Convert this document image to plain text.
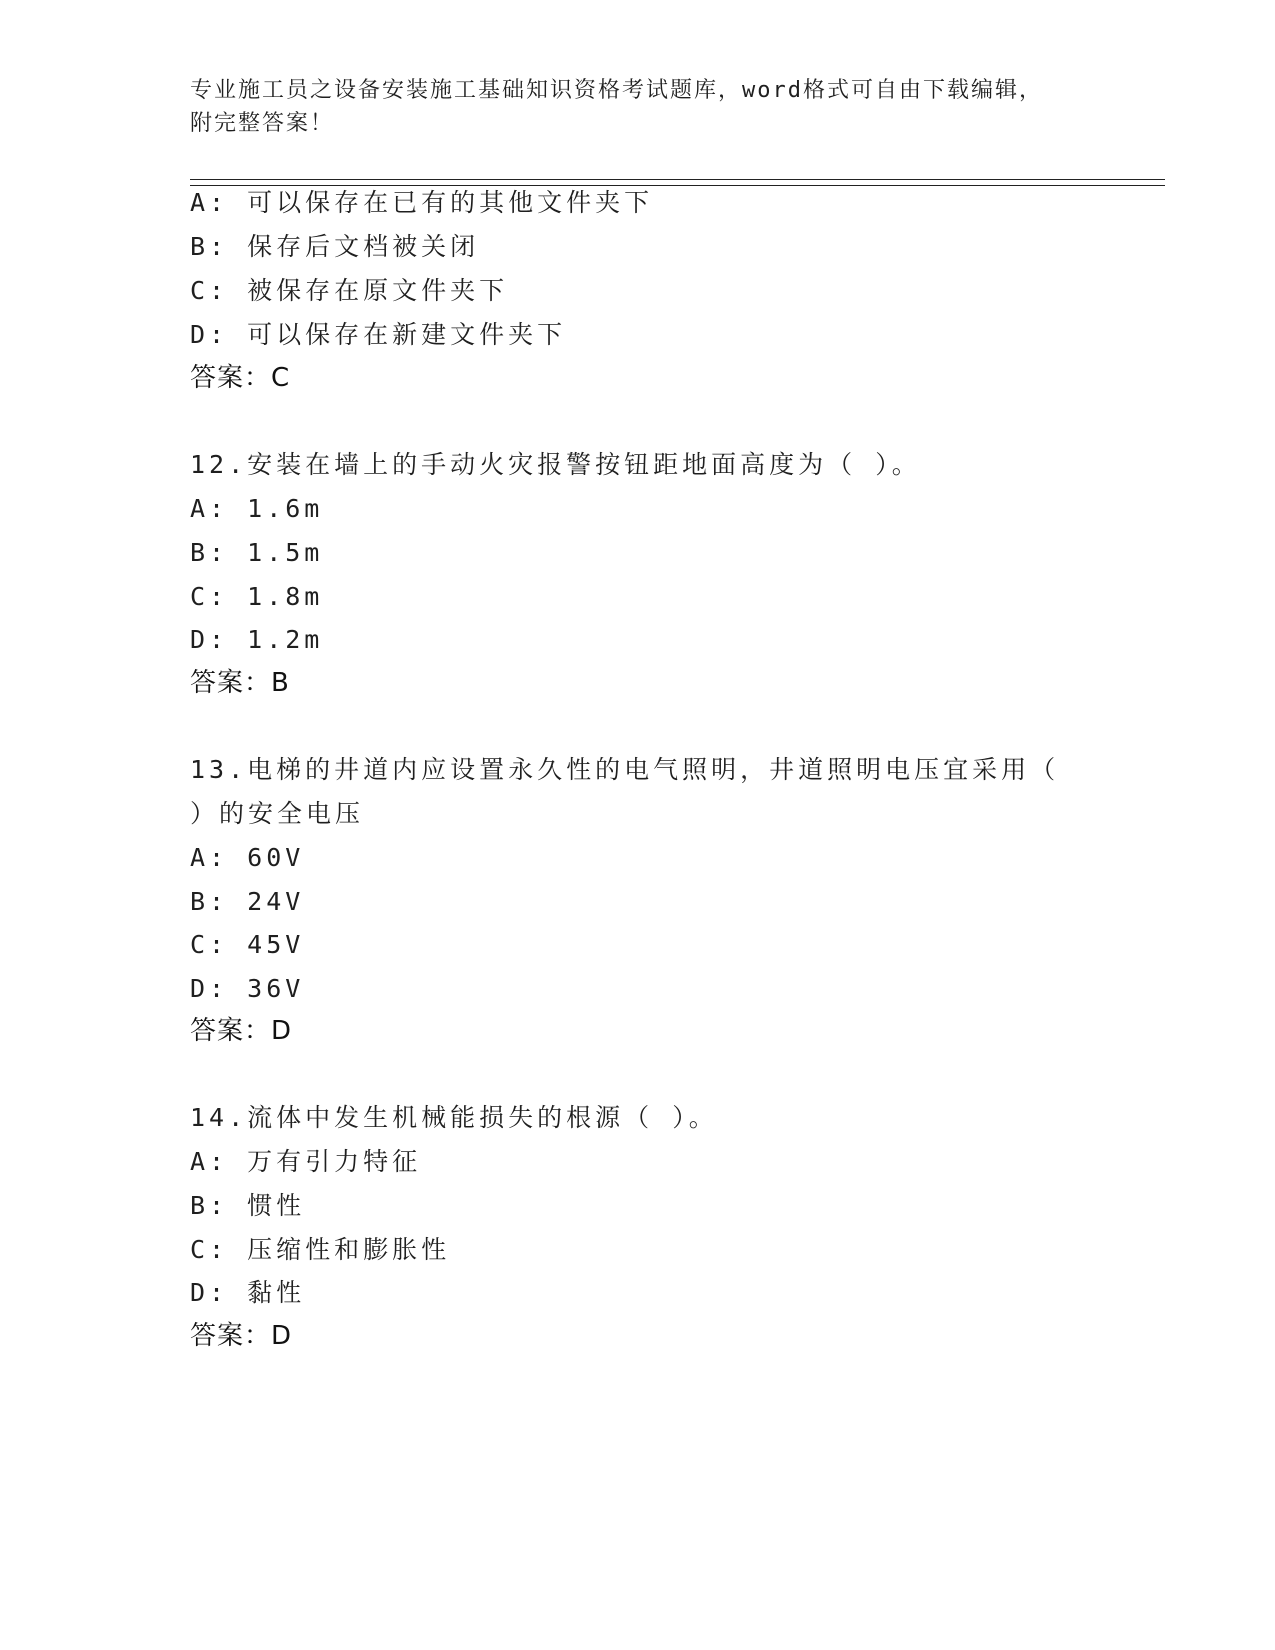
专业施工员之设备安装施工基础知识资格考试题库，word格式可自由下载编辑，
附完整答案！
A: 可以保存在已有的其他文件夹下
B: 保存后文档被关闭
C: 被保存在原文件夹下
D: 可以保存在新建文件夹下
答案：C
12.安装在墙上的手动火灾报警按钮距地面高度为（ ）。
A: 1.6m
B: 1.5m
C: 1.8m
D: 1.2m
答案：B
13.电梯的井道内应设置永久性的电气照明，井道照明电压宜采用（
）的安全电压
A: 60V
B: 24V
C: 45V
D: 36V
答案：D
14.流体中发生机械能损失的根源（ ）。
A: 万有引力特征
B: 惯性
C: 压缩性和膨胀性
D: 黏性
答案：D
